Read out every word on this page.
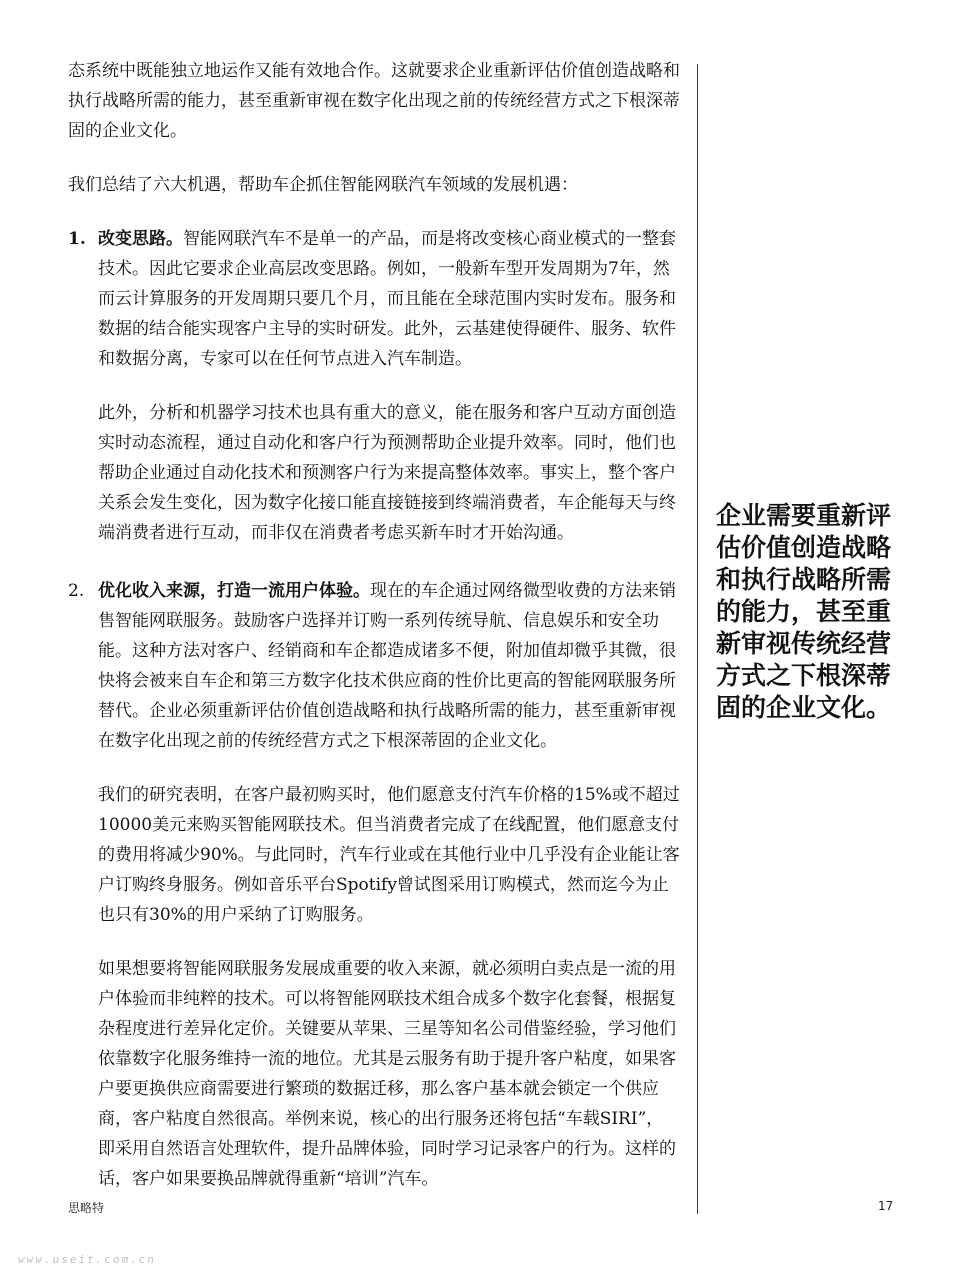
态系统中既能独立地运作又能有效地合作。这就要求企业重新评估价值创造战略和执行战略所需的能力，甚至重新审视在数字化出现之前的传统经营方式之下根深蒂固的企业文化。

我们总结了六大机遇，帮助车企抓住智能网联汽车领域的发展机遇：

1. 改变思路。智能网联汽车不是单一的产品，而是将改变核心商业模式的一整套技术。因此它要求企业高层改变思路。例如，一般新车型开发周期为7年，然而云计算服务的开发周期只要几个月，而且能在全球范围内实时发布。服务和数据的结合能实现客户主导的实时研发。此外，云基建使得硬件、服务、软件和数据分离，专家可以在任何节点进入汽车制造。

此外，分析和机器学习技术也具有重大的意义，能在服务和客户互动方面创造实时动态流程，通过自动化和客户行为预测帮助企业提升效率。同时，他们也帮助企业通过自动化技术和预测客户行为来提高整体效率。事实上，整个客户关系会发生变化，因为数字化接口能直接链接到终端消费者，车企能每天与终端消费者进行互动，而非仅在消费者考虑买新车时才开始沟通。

2. 优化收入来源，打造一流用户体验。现在的车企通过网络微型收费的方法来销售智能网联服务。鼓励客户选择并订购一系列传统导航、信息娱乐和安全功能。这种方法对客户、经销商和车企都造成诸多不便，附加值却微乎其微，很快将会被来自车企和第三方数字化技术供应商的性价比更高的智能网联服务所替代。企业必须重新评估价值创造战略和执行战略所需的能力，甚至重新审视在数字化出现之前的传统经营方式之下根深蒂固的企业文化。

我们的研究表明，在客户最初购买时，他们愿意支付汽车价格的15%或不超过10000美元来购买智能网联技术。但当消费者完成了在线配置，他们愿意支付的费用将减少90%。与此同时，汽车行业或在其他行业中几乎没有企业能让客户订购终身服务。例如音乐平台Spotify曾试图采用订购模式，然而迄今为止也只有30%的用户采纳了订购服务。

如果想要将智能网联服务发展成重要的收入来源，就必须明白卖点是一流的用户体验而非纯粹的技术。可以将智能网联技术组合成多个数字化套餐，根据复杂程度进行差异化定价。关键要从苹果、三星等知名公司借鉴经验，学习他们依靠数字化服务维持一流的地位。尤其是云服务有助于提升客户粘度，如果客户要更换供应商需要进行繁琐的数据迁移，那么客户基本就会锁定一个供应商，客户粘度自然很高。举例来说，核心的出行服务还将包括“车载SIRI”，即采用自然语言处理软件，提升品牌体验，同时学习记录客户的行为。这样的话，客户如果要换品牌就得重新“培训”汽车。

企业需要重新评估价值创造战略和执行战略所需的能力，甚至重新审视传统经营方式之下根深蒂固的企业文化。
思略特	17
www.useit.com.cn
